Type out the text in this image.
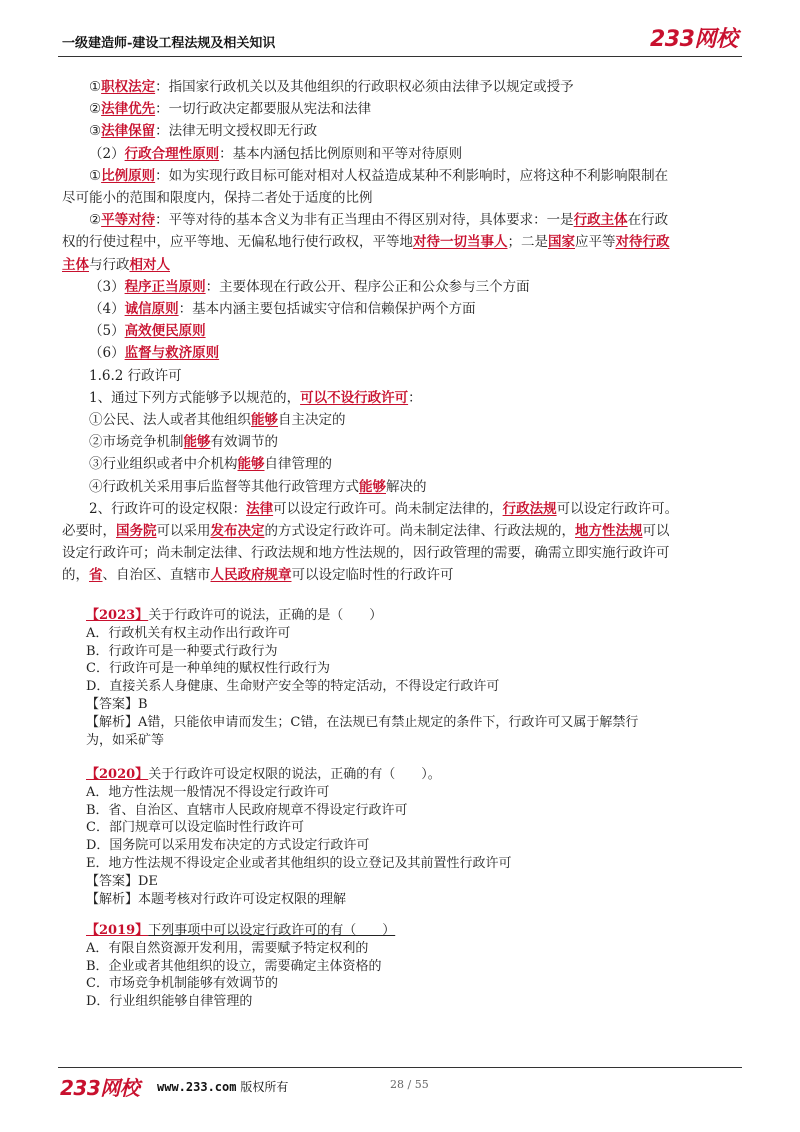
一级建造师-建设工程法规及相关知识	233网校
①职权法定：指国家行政机关以及其他组织的行政职权必须由法律予以规定或授予
②法律优先：一切行政决定都要服从宪法和法律
③法律保留：法律无明文授权即无行政
（2）行政合理性原则：基本内涵包括比例原则和平等对待原则
①比例原则：如为实现行政目标可能对相对人权益造成某种不利影响时，应将这种不利影响限制在
尽可能小的范围和限度内，保持二者处于适度的比例
②平等对待：平等对待的基本含义为非有正当理由不得区别对待，具体要求：一是行政主体在行政
权的行使过程中，应平等地、无偏私地行使行政权，平等地对待一切当事人；二是国家应平等对待行政
主体与行政相对人
（3）程序正当原则：主要体现在行政公开、程序公正和公众参与三个方面
（4）诚信原则：基本内涵主要包括诚实守信和信赖保护两个方面
（5）高效便民原则
（6）监督与救济原则
1.6.2 行政许可
1、通过下列方式能够予以规范的，可以不设行政许可：
①公民、法人或者其他组织能够自主决定的
②市场竞争机制能够有效调节的
③行业组织或者中介机构能够自律管理的
④行政机关采用事后监督等其他行政管理方式能够解决的
2、行政许可的设定权限：法律可以设定行政许可。尚未制定法律的，行政法规可以设定行政许可。
必要时，国务院可以采用发布决定的方式设定行政许可。尚未制定法律、行政法规的，地方性法规可以
设定行政许可；尚未制定法律、行政法规和地方性法规的，因行政管理的需要，确需立即实施行政许可
的，省、自治区、直辖市人民政府规章可以设定临时性的行政许可
【2023】关于行政许可的说法，正确的是（　　）
A．行政机关有权主动作出行政许可
B．行政许可是一种要式行政行为
C．行政许可是一种单纯的赋权性行政行为
D．直接关系人身健康、生命财产安全等的特定活动，不得设定行政许可
【答案】B
【解析】A错，只能依申请而发生；C错，在法规已有禁止规定的条件下，行政许可又属于解禁行
为，如采矿等
【2020】关于行政许可设定权限的说法，正确的有（　　）。
A．地方性法规一般情况不得设定行政许可
B．省、自治区、直辖市人民政府规章不得设定行政许可
C．部门规章可以设定临时性行政许可
D．国务院可以采用发布决定的方式设定行政许可
E．地方性法规不得设定企业或者其他组织的设立登记及其前置性行政许可
【答案】DE
【解析】本题考核对行政许可设定权限的理解
【2019】下列事项中可以设定行政许可的有（　　）
A．有限自然资源开发利用，需要赋予特定权利的
B．企业或者其他组织的设立，需要确定主体资格的
C．市场竞争机制能够有效调节的
D．行业组织能够自律管理的
233网校 www.233.com 版权所有	28 / 55
